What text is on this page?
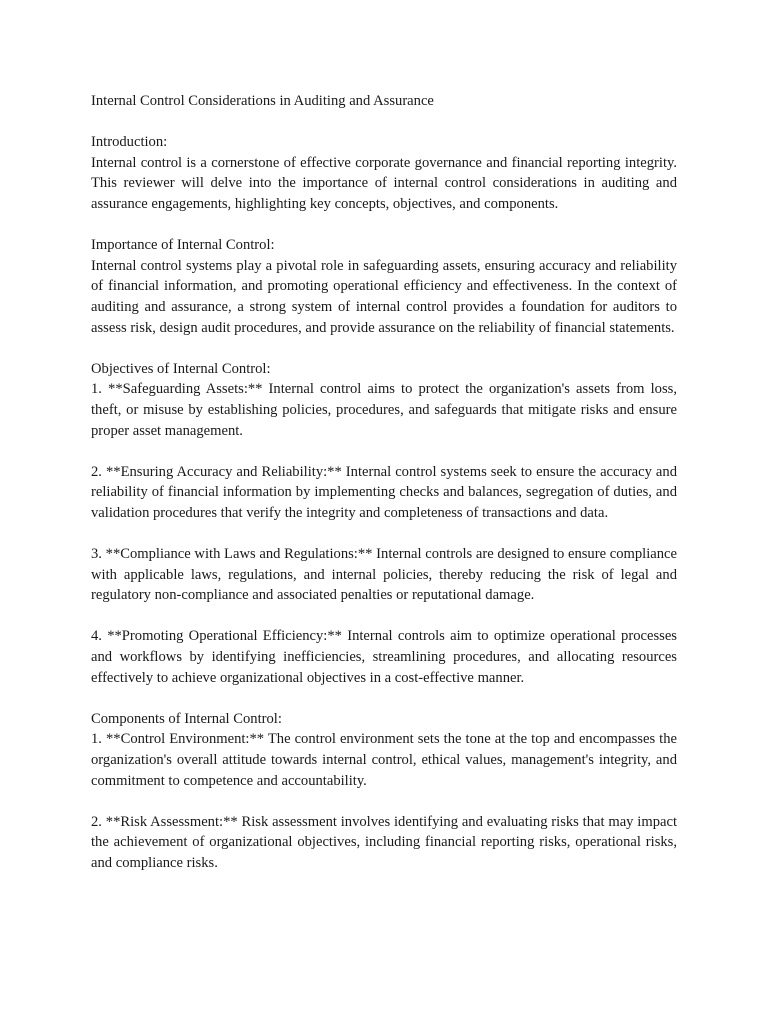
Internal Control Considerations in Auditing and Assurance

Introduction:

Internal control is a cornerstone of effective corporate governance and financial reporting integrity. This reviewer will delve into the importance of internal control considerations in auditing and assurance engagements, highlighting key concepts, objectives, and components.

Importance of Internal Control:

Internal control systems play a pivotal role in safeguarding assets, ensuring accuracy and reliability of financial information, and promoting operational efficiency and effectiveness. In the context of auditing and assurance, a strong system of internal control provides a foundation for auditors to assess risk, design audit procedures, and provide assurance on the reliability of financial statements.

Objectives of Internal Control:

1. **Safeguarding Assets:** Internal control aims to protect the organization's assets from loss, theft, or misuse by establishing policies, procedures, and safeguards that mitigate risks and ensure proper asset management.

2. **Ensuring Accuracy and Reliability:** Internal control systems seek to ensure the accuracy and reliability of financial information by implementing checks and balances, segregation of duties, and validation procedures that verify the integrity and completeness of transactions and data.

3. **Compliance with Laws and Regulations:** Internal controls are designed to ensure compliance with applicable laws, regulations, and internal policies, thereby reducing the risk of legal and regulatory non-compliance and associated penalties or reputational damage.

4. **Promoting Operational Efficiency:** Internal controls aim to optimize operational processes and workflows by identifying inefficiencies, streamlining procedures, and allocating resources effectively to achieve organizational objectives in a cost-effective manner.

Components of Internal Control:

1. **Control Environment:** The control environment sets the tone at the top and encompasses the organization's overall attitude towards internal control, ethical values, management's integrity, and commitment to competence and accountability.

2. **Risk Assessment:** Risk assessment involves identifying and evaluating risks that may impact the achievement of organizational objectives, including financial reporting risks, operational risks, and compliance risks.
